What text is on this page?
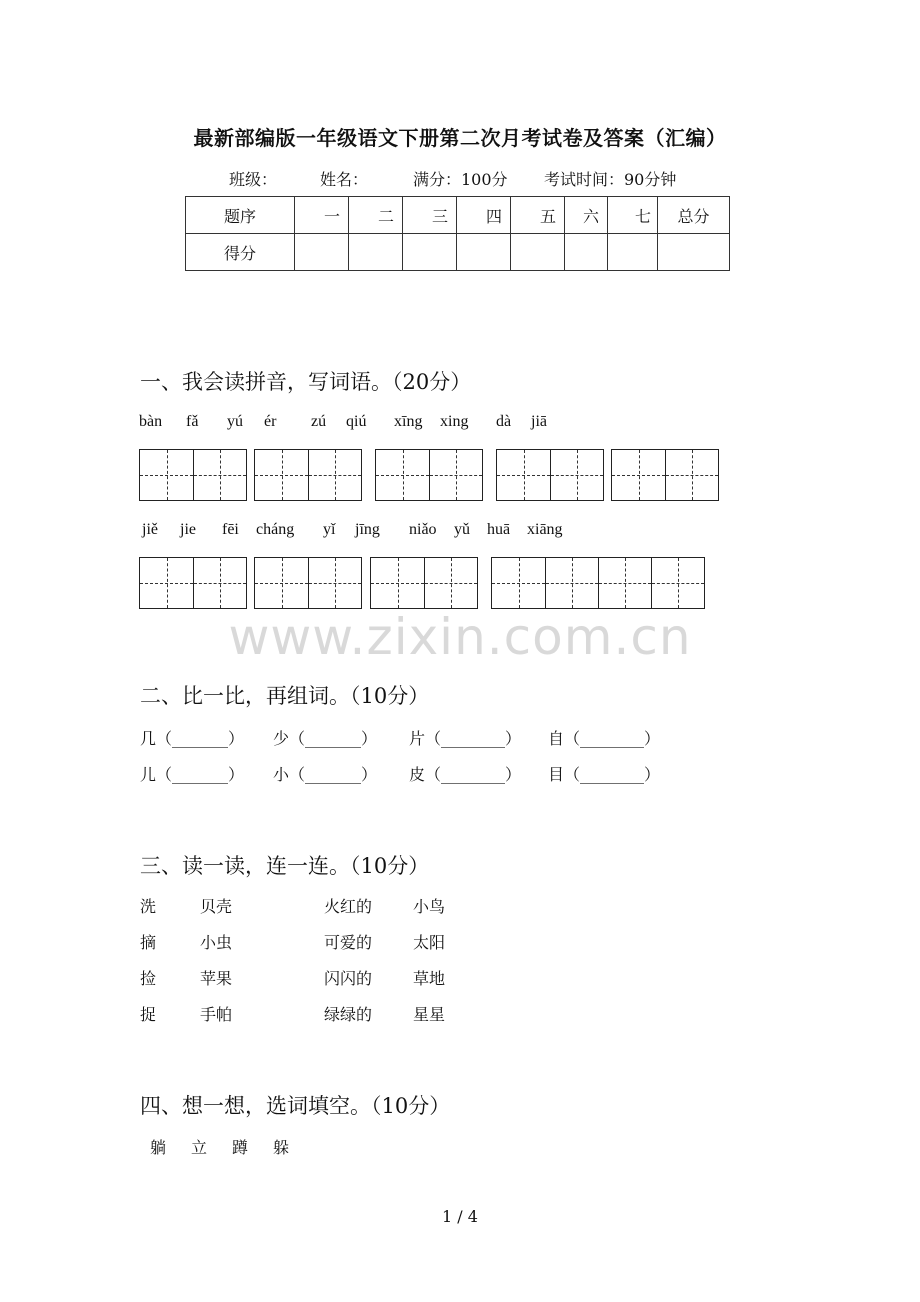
最新部编版一年级语文下册第二次月考试卷及答案（汇编）
班级：	姓名：	满分：100分 考试时间：90分钟
题序	一	二	三	四	五	六	七	总分
得分								
一、我会读拼音，写词语。（20分）
bàn fǎ yú ér zú qiú xīng xing dà jiā
jiě jie fēi cháng yǐ jīng niǎo yǔ huā xiāng
www.zixin.com.cn
二、比一比，再组词。（10分）
几（_______） 少（_______） 片（________） 自（________）
儿（_______） 小（_______） 皮（________） 目（________）
三、读一读，连一连。（10分）
洗	贝壳	火红的	小鸟
摘	小虫	可爱的	太阳
捡	苹果	闪闪的	草地
捉	手帕	绿绿的	星星
四、想一想，选词填空。（10分）
躺 立 蹲 躲
1 / 4
